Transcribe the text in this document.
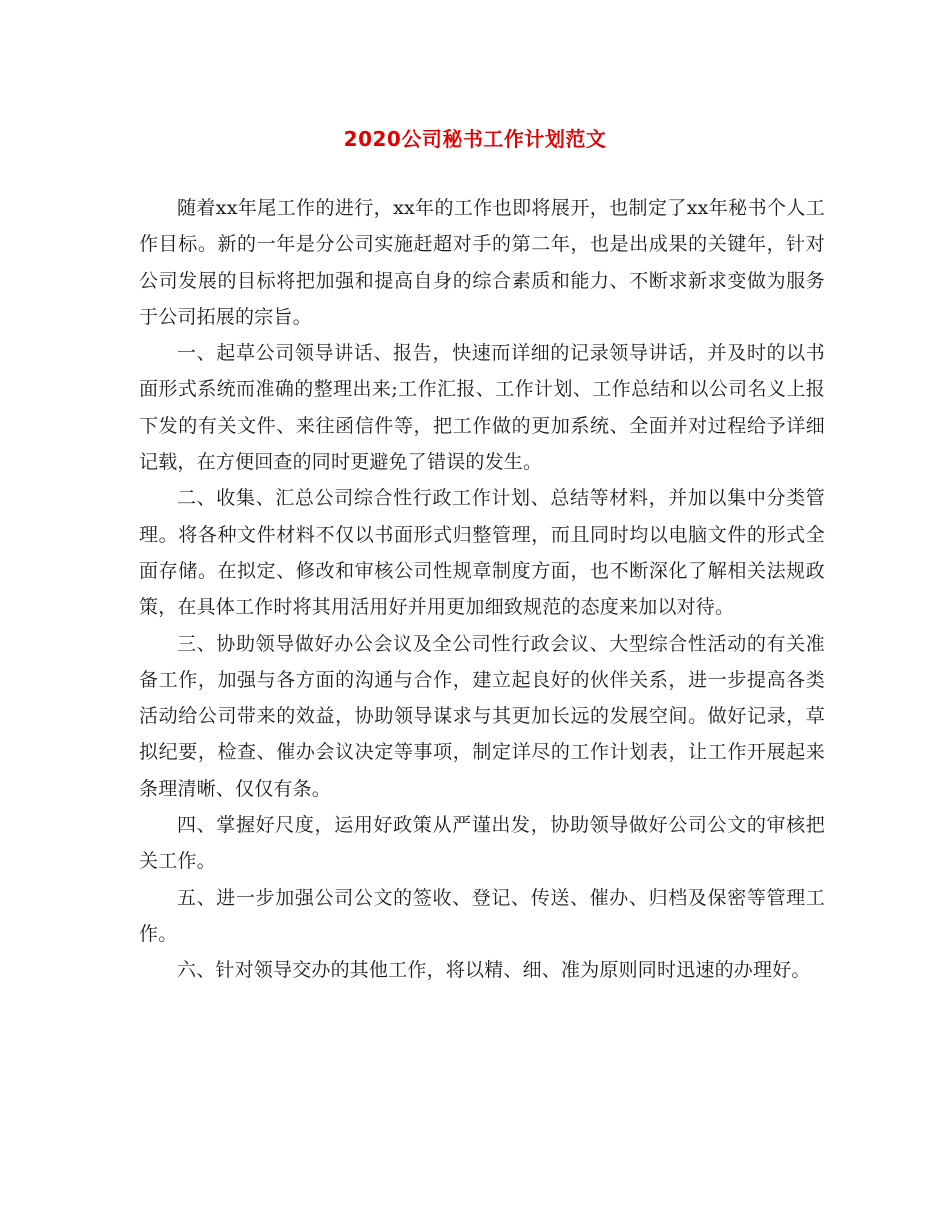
2020公司秘书工作计划范文

随着xx年尾工作的进行，xx年的工作也即将展开，也制定了xx年秘书个人工作目标。新的一年是分公司实施赶超对手的第二年，也是出成果的关键年，针对公司发展的目标将把加强和提高自身的综合素质和能力、不断求新求变做为服务于公司拓展的宗旨。

一、起草公司领导讲话、报告，快速而详细的记录领导讲话，并及时的以书面形式系统而准确的整理出来;工作汇报、工作计划、工作总结和以公司名义上报下发的有关文件、来往函信件等，把工作做的更加系统、全面并对过程给予详细记载，在方便回查的同时更避免了错误的发生。

二、收集、汇总公司综合性行政工作计划、总结等材料，并加以集中分类管理。将各种文件材料不仅以书面形式归整管理，而且同时均以电脑文件的形式全面存储。在拟定、修改和审核公司性规章制度方面，也不断深化了解相关法规政策，在具体工作时将其用活用好并用更加细致规范的态度来加以对待。

三、协助领导做好办公会议及全公司性行政会议、大型综合性活动的有关准备工作，加强与各方面的沟通与合作，建立起良好的伙伴关系，进一步提高各类活动给公司带来的效益，协助领导谋求与其更加长远的发展空间。做好记录，草拟纪要，检查、催办会议决定等事项，制定详尽的工作计划表，让工作开展起来条理清晰、仅仅有条。

四、掌握好尺度，运用好政策从严谨出发，协助领导做好公司公文的审核把关工作。

五、进一步加强公司公文的签收、登记、传送、催办、归档及保密等管理工作。

六、针对领导交办的其他工作，将以精、细、准为原则同时迅速的办理好。
